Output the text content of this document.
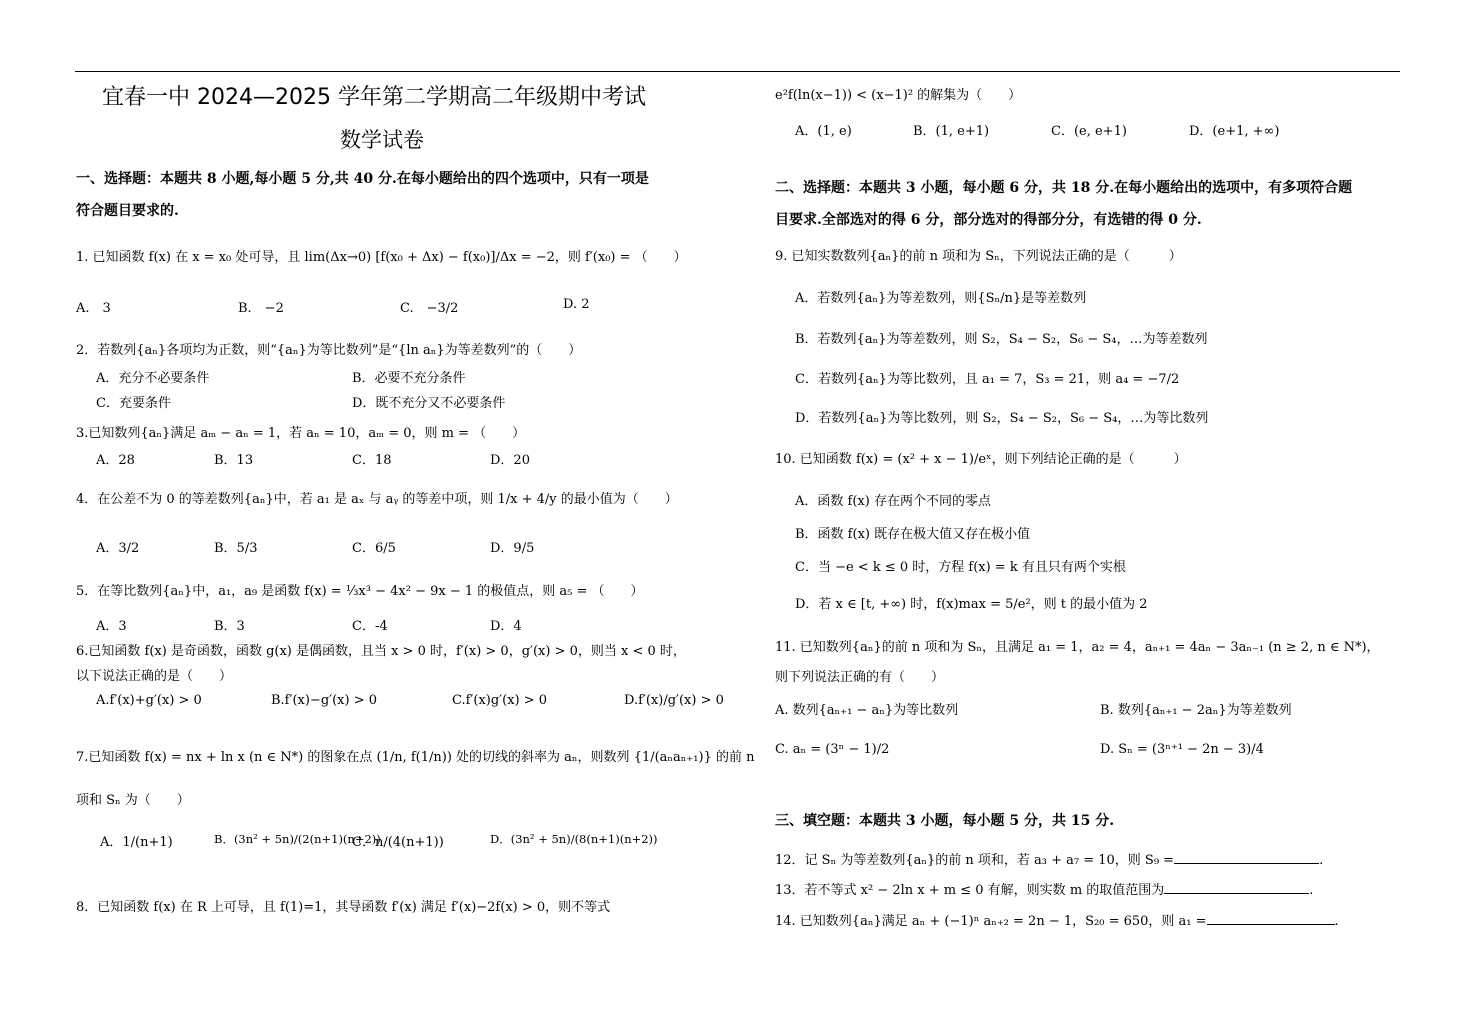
宜春一中 2024—2025 学年第二学期高二年级期中考试
数学试卷
一、选择题：本题共 8 小题,每小题 5 分,共 40 分.在每小题给出的四个选项中，只有一项是
符合题目要求的.
1. 已知函数 f(x) 在 x = x₀ 处可导，且 lim(Δx→0) [f(x₀ + Δx) − f(x₀)]/Δx = −2，则 f′(x₀) = （　　）
A.　3	B.　−2	C.　−3/2	D. 2
2．若数列{aₙ}各项均为正数，则“{aₙ}为等比数列”是“{ln aₙ}为等差数列”的（　　）
A．充分不必要条件	B．必要不充分条件
C．充要条件	D．既不充分又不必要条件
3.已知数列{aₙ}满足 aₘ − aₙ = 1，若 aₙ = 10，aₘ = 0，则 m = （　　）
A．28	B．13	C．18	D．20
4．在公差不为 0 的等差数列{aₙ}中，若 a₁ 是 aₓ 与 aᵧ 的等差中项，则 1/x + 4/y 的最小值为（　　）
A．3/2	B．5/3	C．6/5	D．9/5
5．在等比数列{aₙ}中，a₁，a₉ 是函数 f(x) = ⅓x³ − 4x² − 9x − 1 的极值点，则 a₅ = （　　）
A．3	B．3	C．-4	D．4
6.已知函数 f(x) 是奇函数，函数 g(x) 是偶函数，且当 x > 0 时，f′(x) > 0，g′(x) > 0，则当 x < 0 时，
以下说法正确的是（　　）
A.f′(x)+g′(x) > 0	B.f′(x)−g′(x) > 0	C.f′(x)g′(x) > 0	D.f′(x)/g′(x) > 0
7.已知函数 f(x) = nx + ln x (n ∈ N*) 的图象在点 (1/n, f(1/n)) 处的切线的斜率为 aₙ，则数列 {1/(aₙaₙ₊₁)} 的前 n
项和 Sₙ 为（　　）
A．1/(n+1)	B．(3n² + 5n)/(2(n+1)(n+2))
C．n/(4(n+1))	D．(3n² + 5n)/(8(n+1)(n+2))
8．已知函数 f(x) 在 R 上可导，且 f(1)=1，其导函数 f′(x) 满足 f′(x)−2f(x) > 0，则不等式
e²f(ln(x−1)) < (x−1)² 的解集为（　　）
A．(1, e)	B．(1, e+1)	C．(e, e+1)	D．(e+1, +∞)
二、选择题：本题共 3 小题，每小题 6 分，共 18 分.在每小题给出的选项中，有多项符合题
目要求.全部选对的得 6 分，部分选对的得部分分，有选错的得 0 分.
9. 已知实数数列{aₙ}的前 n 项和为 Sₙ，下列说法正确的是（　　　）
A．若数列{aₙ}为等差数列，则{Sₙ/n}是等差数列
B．若数列{aₙ}为等差数列，则 S₂，S₄ − S₂，S₆ − S₄，…为等差数列
C．若数列{aₙ}为等比数列，且 a₁ = 7，S₃ = 21，则 a₄ = −7/2
D．若数列{aₙ}为等比数列，则 S₂，S₄ − S₂，S₆ − S₄，…为等比数列
10. 已知函数 f(x) = (x² + x − 1)/eˣ，则下列结论正确的是（　　　）
A．函数 f(x) 存在两个不同的零点
B．函数 f(x) 既存在极大值又存在极小值
C．当 −e < k ≤ 0 时，方程 f(x) = k 有且只有两个实根
D．若 x ∈ [t, +∞) 时，f(x)max = 5/e²，则 t 的最小值为 2
11. 已知数列{aₙ}的前 n 项和为 Sₙ，且满足 a₁ = 1，a₂ = 4，aₙ₊₁ = 4aₙ − 3aₙ₋₁ (n ≥ 2, n ∈ N*)，
则下列说法正确的有（　　）
A. 数列{aₙ₊₁ − aₙ}为等比数列	B. 数列{aₙ₊₁ − 2aₙ}为等差数列
C. aₙ = (3ⁿ − 1)/2	D. Sₙ = (3ⁿ⁺¹ − 2n − 3)/4
三、填空题：本题共 3 小题，每小题 5 分，共 15 分.
12．记 Sₙ 为等差数列{aₙ}的前 n 项和，若 a₃ + a₇ = 10，则 S₉ =	.
13．若不等式 x² − 2ln x + m ≤ 0 有解，则实数 m 的取值范围为	.
14. 已知数列{aₙ}满足 aₙ + (−1)ⁿ aₙ₊₂ = 2n − 1，S₂₀ = 650，则 a₁ =	.
